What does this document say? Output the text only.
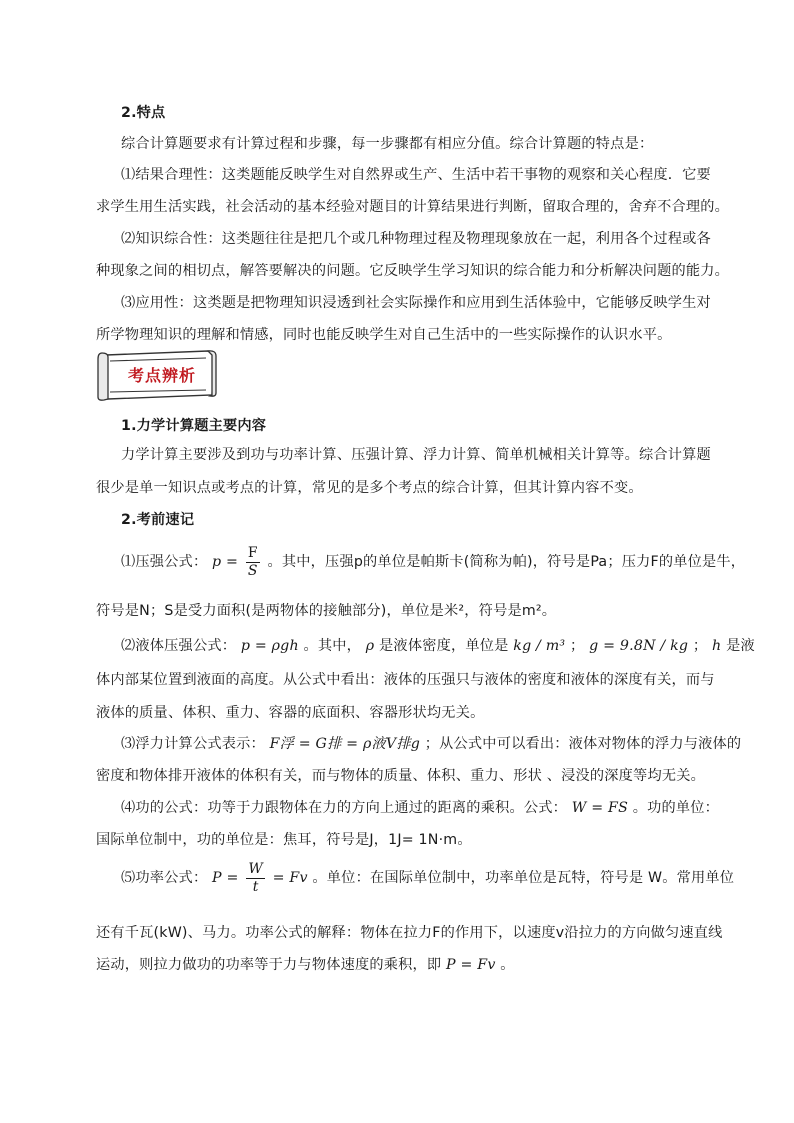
2.特点
综合计算题要求有计算过程和步骤，每一步骤都有相应分值。综合计算题的特点是：
⑴结果合理性：这类题能反映学生对自然界或生产、生活中若干事物的观察和关心程度．它要
求学生用生活实践，社会活动的基本经验对题目的计算结果进行判断，留取合理的，舍弃不合理的。
⑵知识综合性：这类题往往是把几个或几种物理过程及物理现象放在一起，利用各个过程或各
种现象之间的相切点，解答要解决的问题。它反映学生学习知识的综合能力和分析解决问题的能力。
⑶应用性：这类题是把物理知识浸透到社会实际操作和应用到生活体验中，它能够反映学生对
所学物理知识的理解和情感，同时也能反映学生对自己生活中的一些实际操作的认识水平。
考点辨析
1.力学计算题主要内容
力学计算主要涉及到功与功率计算、压强计算、浮力计算、简单机械相关计算等。综合计算题
很少是单一知识点或考点的计算，常见的是多个考点的综合计算，但其计算内容不变。
2.考前速记
⑴压强公式： $p = \frac{F}{S}$ 。其中，压强p的单位是帕斯卡(简称为帕)，符号是Pa；压力F的单位是牛，
符号是N；S是受力面积(是两物体的接触部分)，单位是米²，符号是m²。
⑵液体压强公式： p = ρgh 。其中， ρ 是液体密度，单位是 kg / m³ ； g = 9.8N / kg ； h 是液
体内部某位置到液面的高度。从公式中看出：液体的压强只与液体的密度和液体的深度有关，而与
液体的质量、体积、重力、容器的底面积、容器形状均无关。
⑶浮力计算公式表示： F浮 = G排 = ρ液V排g ；从公式中可以看出：液体对物体的浮力与液体的
密度和物体排开液体的体积有关，而与物体的质量、体积、重力、形状 、浸没的深度等均无关。
⑷功的公式：功等于力跟物体在力的方向上通过的距离的乘积。公式： W = FS 。功的单位：
国际单位制中，功的单位是：焦耳，符号是J，1J= 1N·m。
⑸功率公式： $P = \frac{W}{t} = Fv$ 。单位：在国际单位制中，功率单位是瓦特，符号是 W。常用单位
还有千瓦(kW)、马力。功率公式的解释：物体在拉力F的作用下，以速度v沿拉力的方向做匀速直线
运动，则拉力做功的功率等于力与物体速度的乘积，即 P = Fv 。
